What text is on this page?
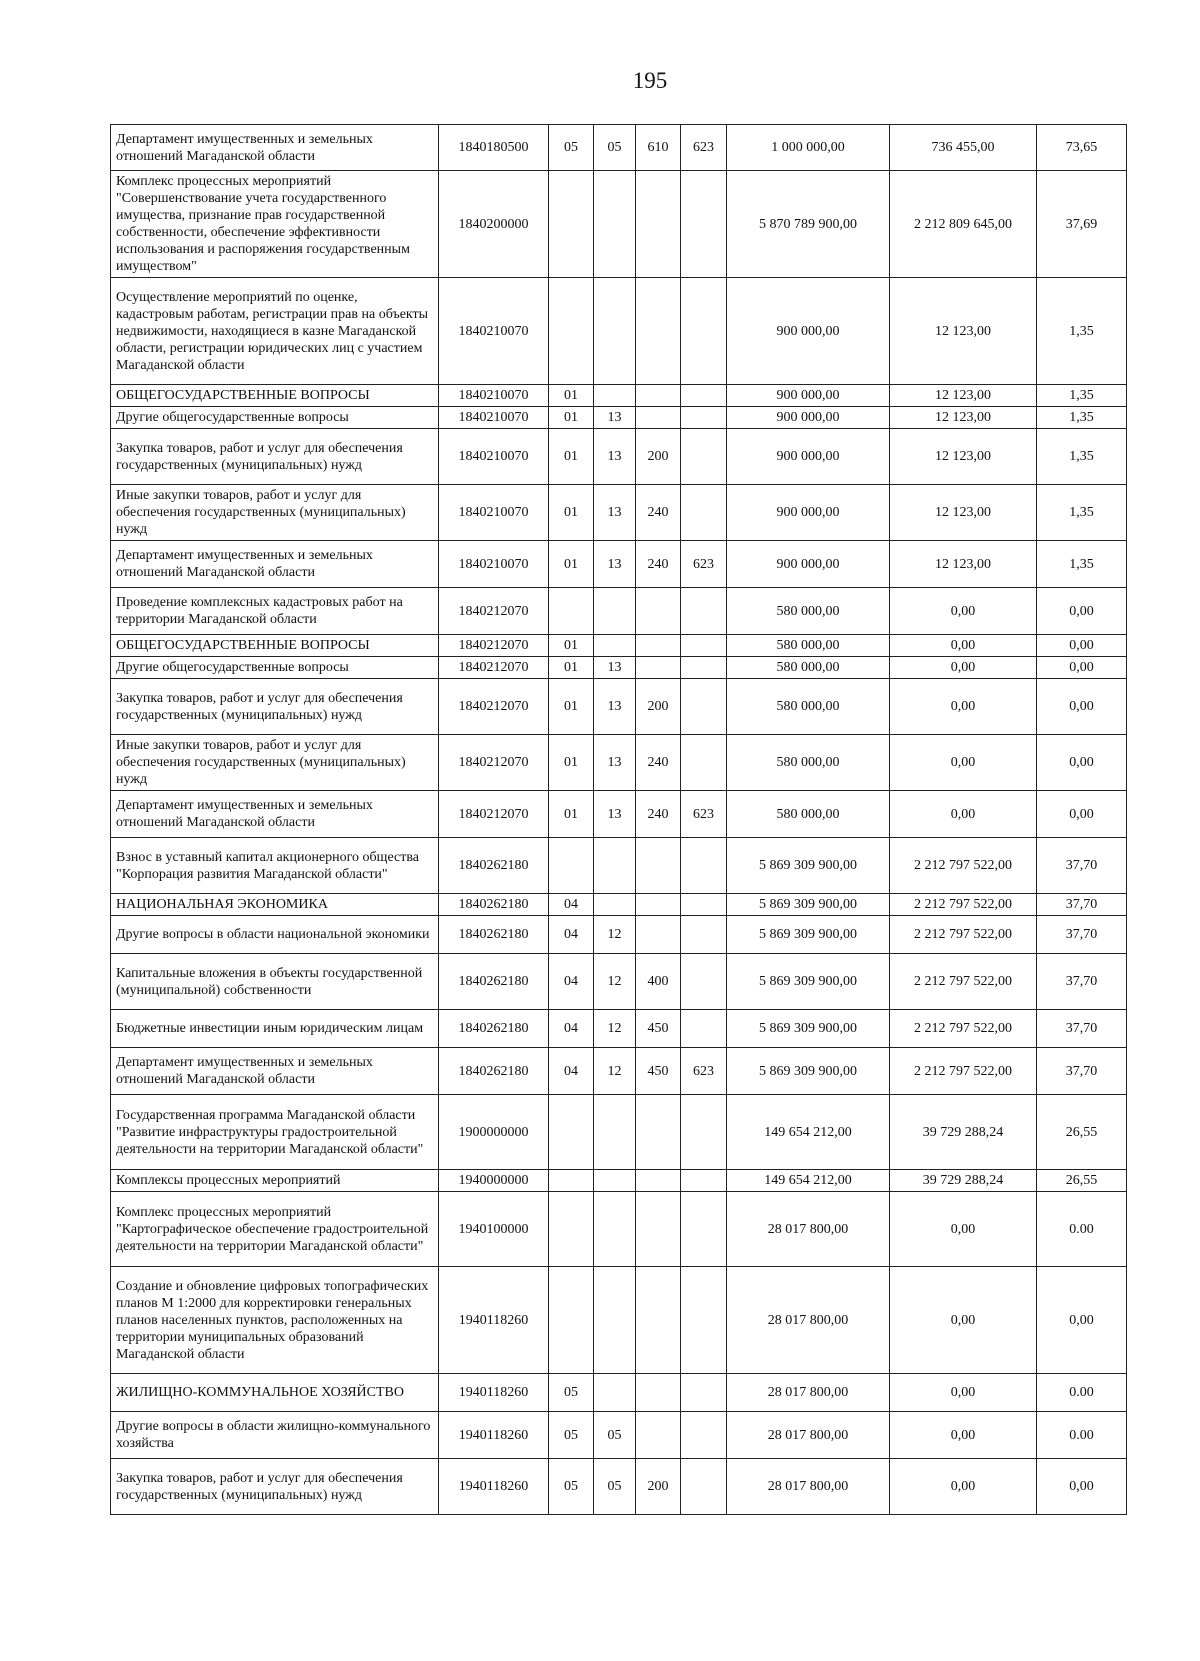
195
Департамент имущественных и земельных отношений Магаданской области	1840180500	05	05	610	623	1 000 000,00	736 455,00	73,65
Комплекс процессных мероприятий "Совершенствование учета государственного имущества, признание прав государственной собственности, обеспечение эффективности использования и распоряжения государственным имуществом"	1840200000					5 870 789 900,00	2 212 809 645,00	37,69
Осуществление мероприятий по оценке, кадастровым работам, регистрации прав на объекты недвижимости, находящиеся в казне Магаданской области, регистрации юридических лиц с участием Магаданской области	1840210070					900 000,00	12 123,00	1,35
ОБЩЕГОСУДАРСТВЕННЫЕ ВОПРОСЫ	1840210070	01				900 000,00	12 123,00	1,35
Другие общегосударственные вопросы	1840210070	01	13			900 000,00	12 123,00	1,35
Закупка товаров, работ и услуг для обеспечения государственных (муниципальных) нужд	1840210070	01	13	200		900 000,00	12 123,00	1,35
Иные закупки товаров, работ и услуг для обеспечения государственных (муниципальных) нужд	1840210070	01	13	240		900 000,00	12 123,00	1,35
Департамент имущественных и земельных отношений Магаданской области	1840210070	01	13	240	623	900 000,00	12 123,00	1,35
Проведение комплексных кадастровых работ на территории Магаданской области	1840212070					580 000,00	0,00	0,00
ОБЩЕГОСУДАРСТВЕННЫЕ ВОПРОСЫ	1840212070	01				580 000,00	0,00	0,00
Другие общегосударственные вопросы	1840212070	01	13			580 000,00	0,00	0,00
Закупка товаров, работ и услуг для обеспечения государственных (муниципальных) нужд	1840212070	01	13	200		580 000,00	0,00	0,00
Иные закупки товаров, работ и услуг для обеспечения государственных (муниципальных) нужд	1840212070	01	13	240		580 000,00	0,00	0,00
Департамент имущественных и земельных отношений Магаданской области	1840212070	01	13	240	623	580 000,00	0,00	0,00
Взнос в уставный капитал акционерного общества "Корпорация развития Магаданской области"	1840262180					5 869 309 900,00	2 212 797 522,00	37,70
НАЦИОНАЛЬНАЯ ЭКОНОМИКА	1840262180	04				5 869 309 900,00	2 212 797 522,00	37,70
Другие вопросы в области национальной экономики	1840262180	04	12			5 869 309 900,00	2 212 797 522,00	37,70
Капитальные вложения в объекты государственной (муниципальной) собственности	1840262180	04	12	400		5 869 309 900,00	2 212 797 522,00	37,70
Бюджетные инвестиции иным юридическим лицам	1840262180	04	12	450		5 869 309 900,00	2 212 797 522,00	37,70
Департамент имущественных и земельных отношений Магаданской области	1840262180	04	12	450	623	5 869 309 900,00	2 212 797 522,00	37,70
Государственная программа Магаданской области "Развитие инфраструктуры градостроительной деятельности на территории Магаданской области"	1900000000					149 654 212,00	39 729 288,24	26,55
Комплексы процессных мероприятий	1940000000					149 654 212,00	39 729 288,24	26,55
Комплекс процессных мероприятий "Картографическое обеспечение градостроительной деятельности на территории Магаданской области"	1940100000					28 017 800,00	0,00	0.00
Создание и обновление цифровых топографических планов М 1:2000 для корректировки генеральных планов населенных пунктов, расположенных на территории муниципальных образований Магаданской области	1940118260					28 017 800,00	0,00	0,00
ЖИЛИЩНО-КОММУНАЛЬНОЕ ХОЗЯЙСТВО	1940118260	05				28 017 800,00	0,00	0.00
Другие вопросы в области жилищно-коммунального хозяйства	1940118260	05	05			28 017 800,00	0,00	0.00
Закупка товаров, работ и услуг для обеспечения государственных (муниципальных) нужд	1940118260	05	05	200		28 017 800,00	0,00	0,00
